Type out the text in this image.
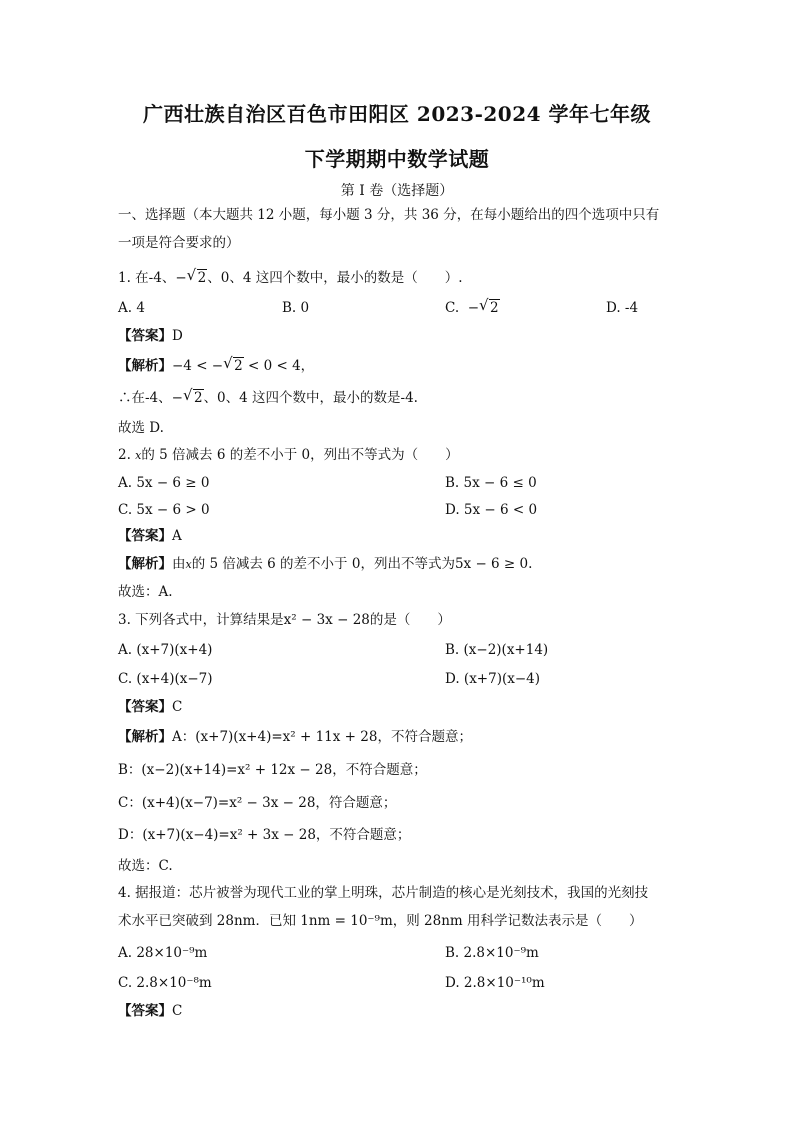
广西壮族自治区百色市田阳区 2023-2024 学年七年级
下学期期中数学试题
第 I 卷（选择题）
一、选择题（本大题共 12 小题，每小题 3 分，共 36 分，在每小题给出的四个选项中只有
一项是符合要求的）
1. 在-4、− √ 2、0、4 这四个数中，最小的数是（　　）.
A. 4	B. 0	C. − √ 2	D. -4
【答案】D
【解析】−4 < − √ 2 < 0 < 4，
∴在-4、− √ 2、0、4 这四个数中，最小的数是-4.
故选 D.
2. x的 5 倍减去 6 的差不小于 0，列出不等式为（　　）
A. 5x − 6 ≥ 0	B. 5x − 6 ≤ 0
C. 5x − 6 > 0	D. 5x − 6 < 0
【答案】A
【解析】由x的 5 倍减去 6 的差不小于 0，列出不等式为5x − 6 ≥ 0.
故选：A.
3. 下列各式中，计算结果是x² − 3x − 28的是（　　）
A. (x+7)(x+4)	B. (x−2)(x+14)
C. (x+4)(x−7)	D. (x+7)(x−4)
【答案】C
【解析】A：(x+7)(x+4)=x² + 11x + 28，不符合题意；
B：(x−2)(x+14)=x² + 12x − 28，不符合题意；
C：(x+4)(x−7)=x² − 3x − 28，符合题意；
D：(x+7)(x−4)=x² + 3x − 28，不符合题意；
故选：C.
4. 据报道：芯片被誉为现代工业的掌上明珠，芯片制造的核心是光刻技术，我国的光刻技
术水平已突破到 28nm．已知 1nm = 10⁻⁹m，则 28nm 用科学记数法表示是（　　）
A. 28×10⁻⁹m	B. 2.8×10⁻⁹m
C. 2.8×10⁻⁸m	D. 2.8×10⁻¹⁰m
【答案】C
